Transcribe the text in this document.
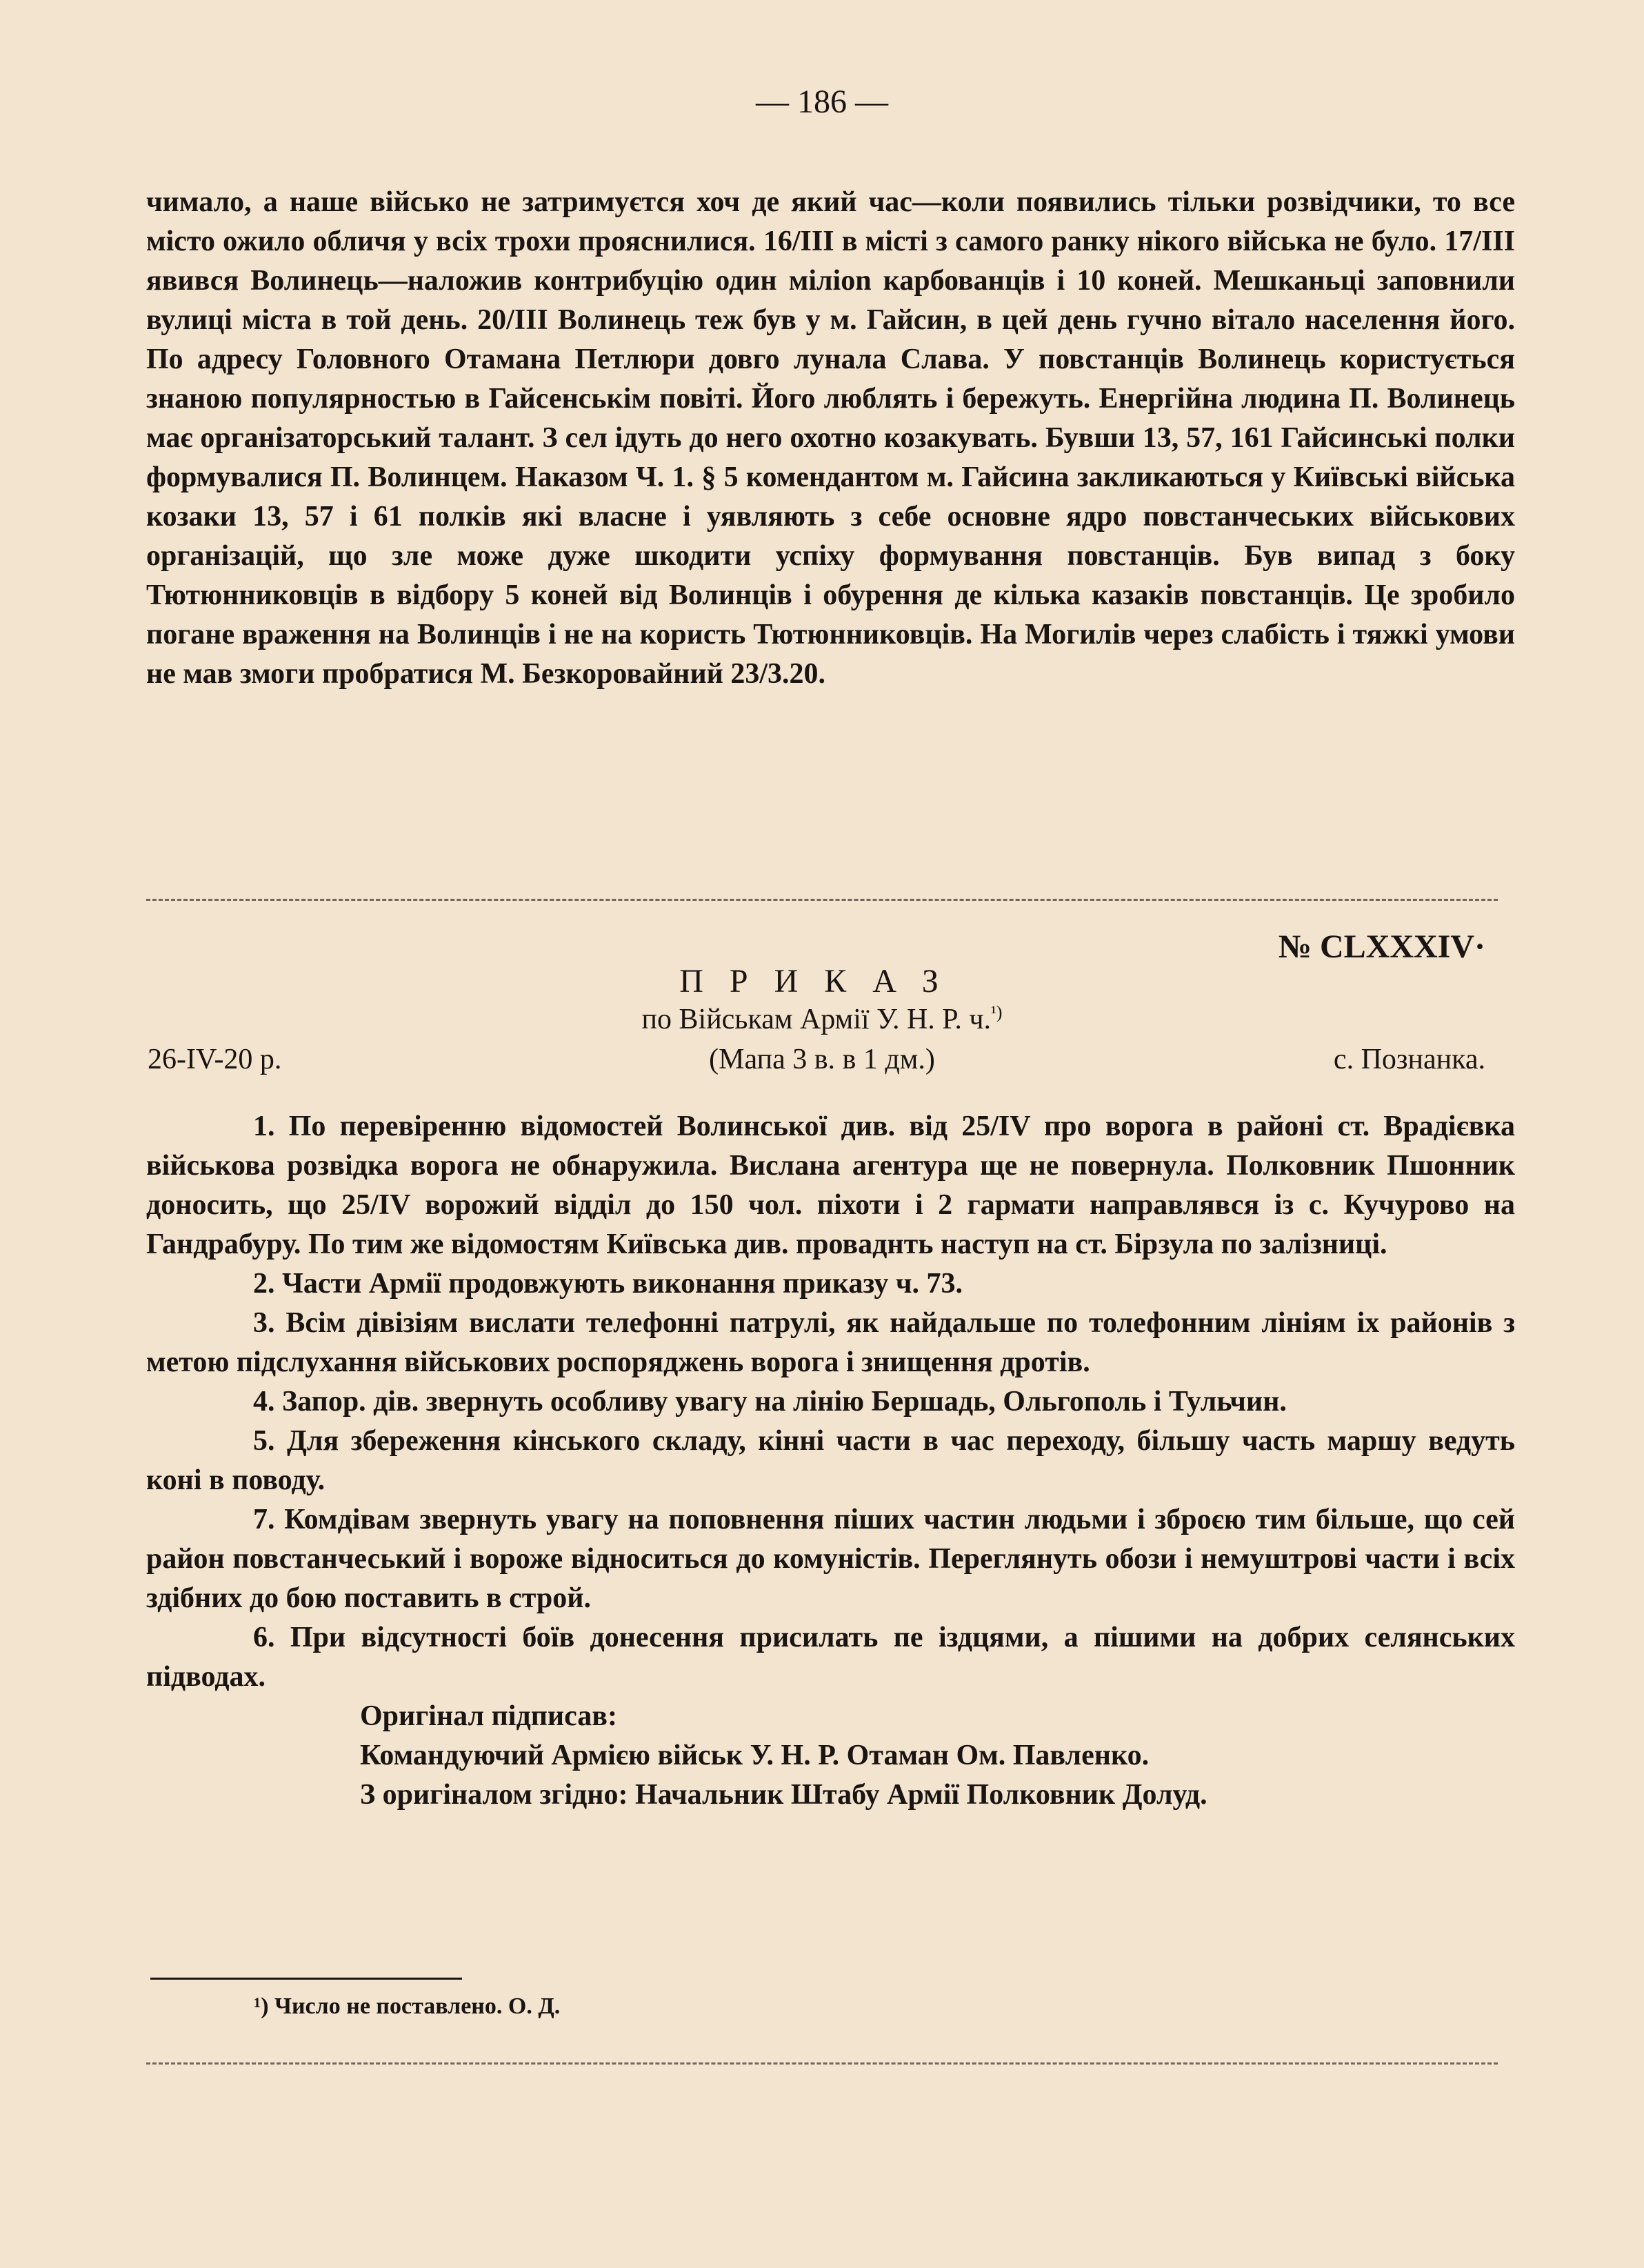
— 186 —

чимало, а наше військо не затримуєтся хоч де який час—коли появились тільки розвідчики, то все місто ожило обличя у всіх трохи прояснилися. 16/III в місті з самого ранку нікого війська не було. 17/III явився Волинець—наложив контрибуцію один мілion карбованців і 10 коней. Мешканьці заповнили вулиці міста в той день. 20/III Волинець теж був у м. Гайсин, в цей день гучно вітало населення його. По адресу Головного Отамана Петлюри довго лунала Слава. У повстанців Волинець користується знаною популярностью в Гайсенськім повіті. Його люблять і бережуть. Енергійна людина П. Волинець має організаторський талант. З сел ідуть до него охотно козакувать. Бувши 13, 57, 161 Гайсинські полки формувалися П. Волинцем. Наказом Ч. 1. § 5 комендантом м. Гайсина закликаються у Київські війська козаки 13, 57 і 61 полків які власне і уявляють з себе основне ядро повстанчеських військових організацій, що зле може дуже шкодити успіху формування повстанців. Був випад з боку Тютюнниковців в відбору 5 коней від Волинців і обурення де кілька казаків повстанців. Це зробило погане враження на Волинців і не на користь Тютюнниковців. На Могилів через слабість і тяжкі умови не мав змоги пробратися М. Безкоровайний 23/3.20.

№ CLXXXIV·
ПРИКАЗ
по Військам Армії У. Н. Р. ч.$^{^1)}$
26-IV-20 р.	(Мапа 3 в. в 1 дм.)	с. Познанка.

1. По перевіренню відомостей Волинської див. від 25/IV про ворога в районі ст. Врадієвка військова розвідка ворога не обнаружила. Вислана агентура ще не повернула. Полковник Пшонник доносить, що 25/IV ворожий відділ до 150 чол. піхоти і 2 гармати направлявся із с. Кучурово на Гандрабуру. По тим же відомостям Київська див. проваднть наступ на ст. Бірзула по залізниці.

2. Части Армії продовжують виконання приказу ч. 73.

3. Всім дівізіям вислати телефонні патрулі, як найдальше по толефонним лініям іх районів з метою підслухання військових роспоряджень ворога і знищення дротів.

4. Запор. дів. звернуть особливу увагу на лінію Бершадь, Ольгополь і Тульчин.

5. Для збереження кінського складу, кінні части в час переходу, більшу часть маршу ведуть коні в поводу.

7. Комдівам звернуть увагу на поповнення піших частин людьми і зброєю тим більше, що сей район повстанчеський і вороже відноситься до комуністів. Переглянуть обози і немуштрові части і всіх здібних до бою поставить в строй.

6. При відсутності боїв донесення присилать пе іздцями, а пішими на добрих селянських підводах.

Оригінал підписав:

Командуючий Армією військ У. Н. Р. Отаман Ом. Павленко.

З оригіналом згідно: Начальник Штабу Армії Полковник Долуд.

¹) Число не поставлено. О. Д.
